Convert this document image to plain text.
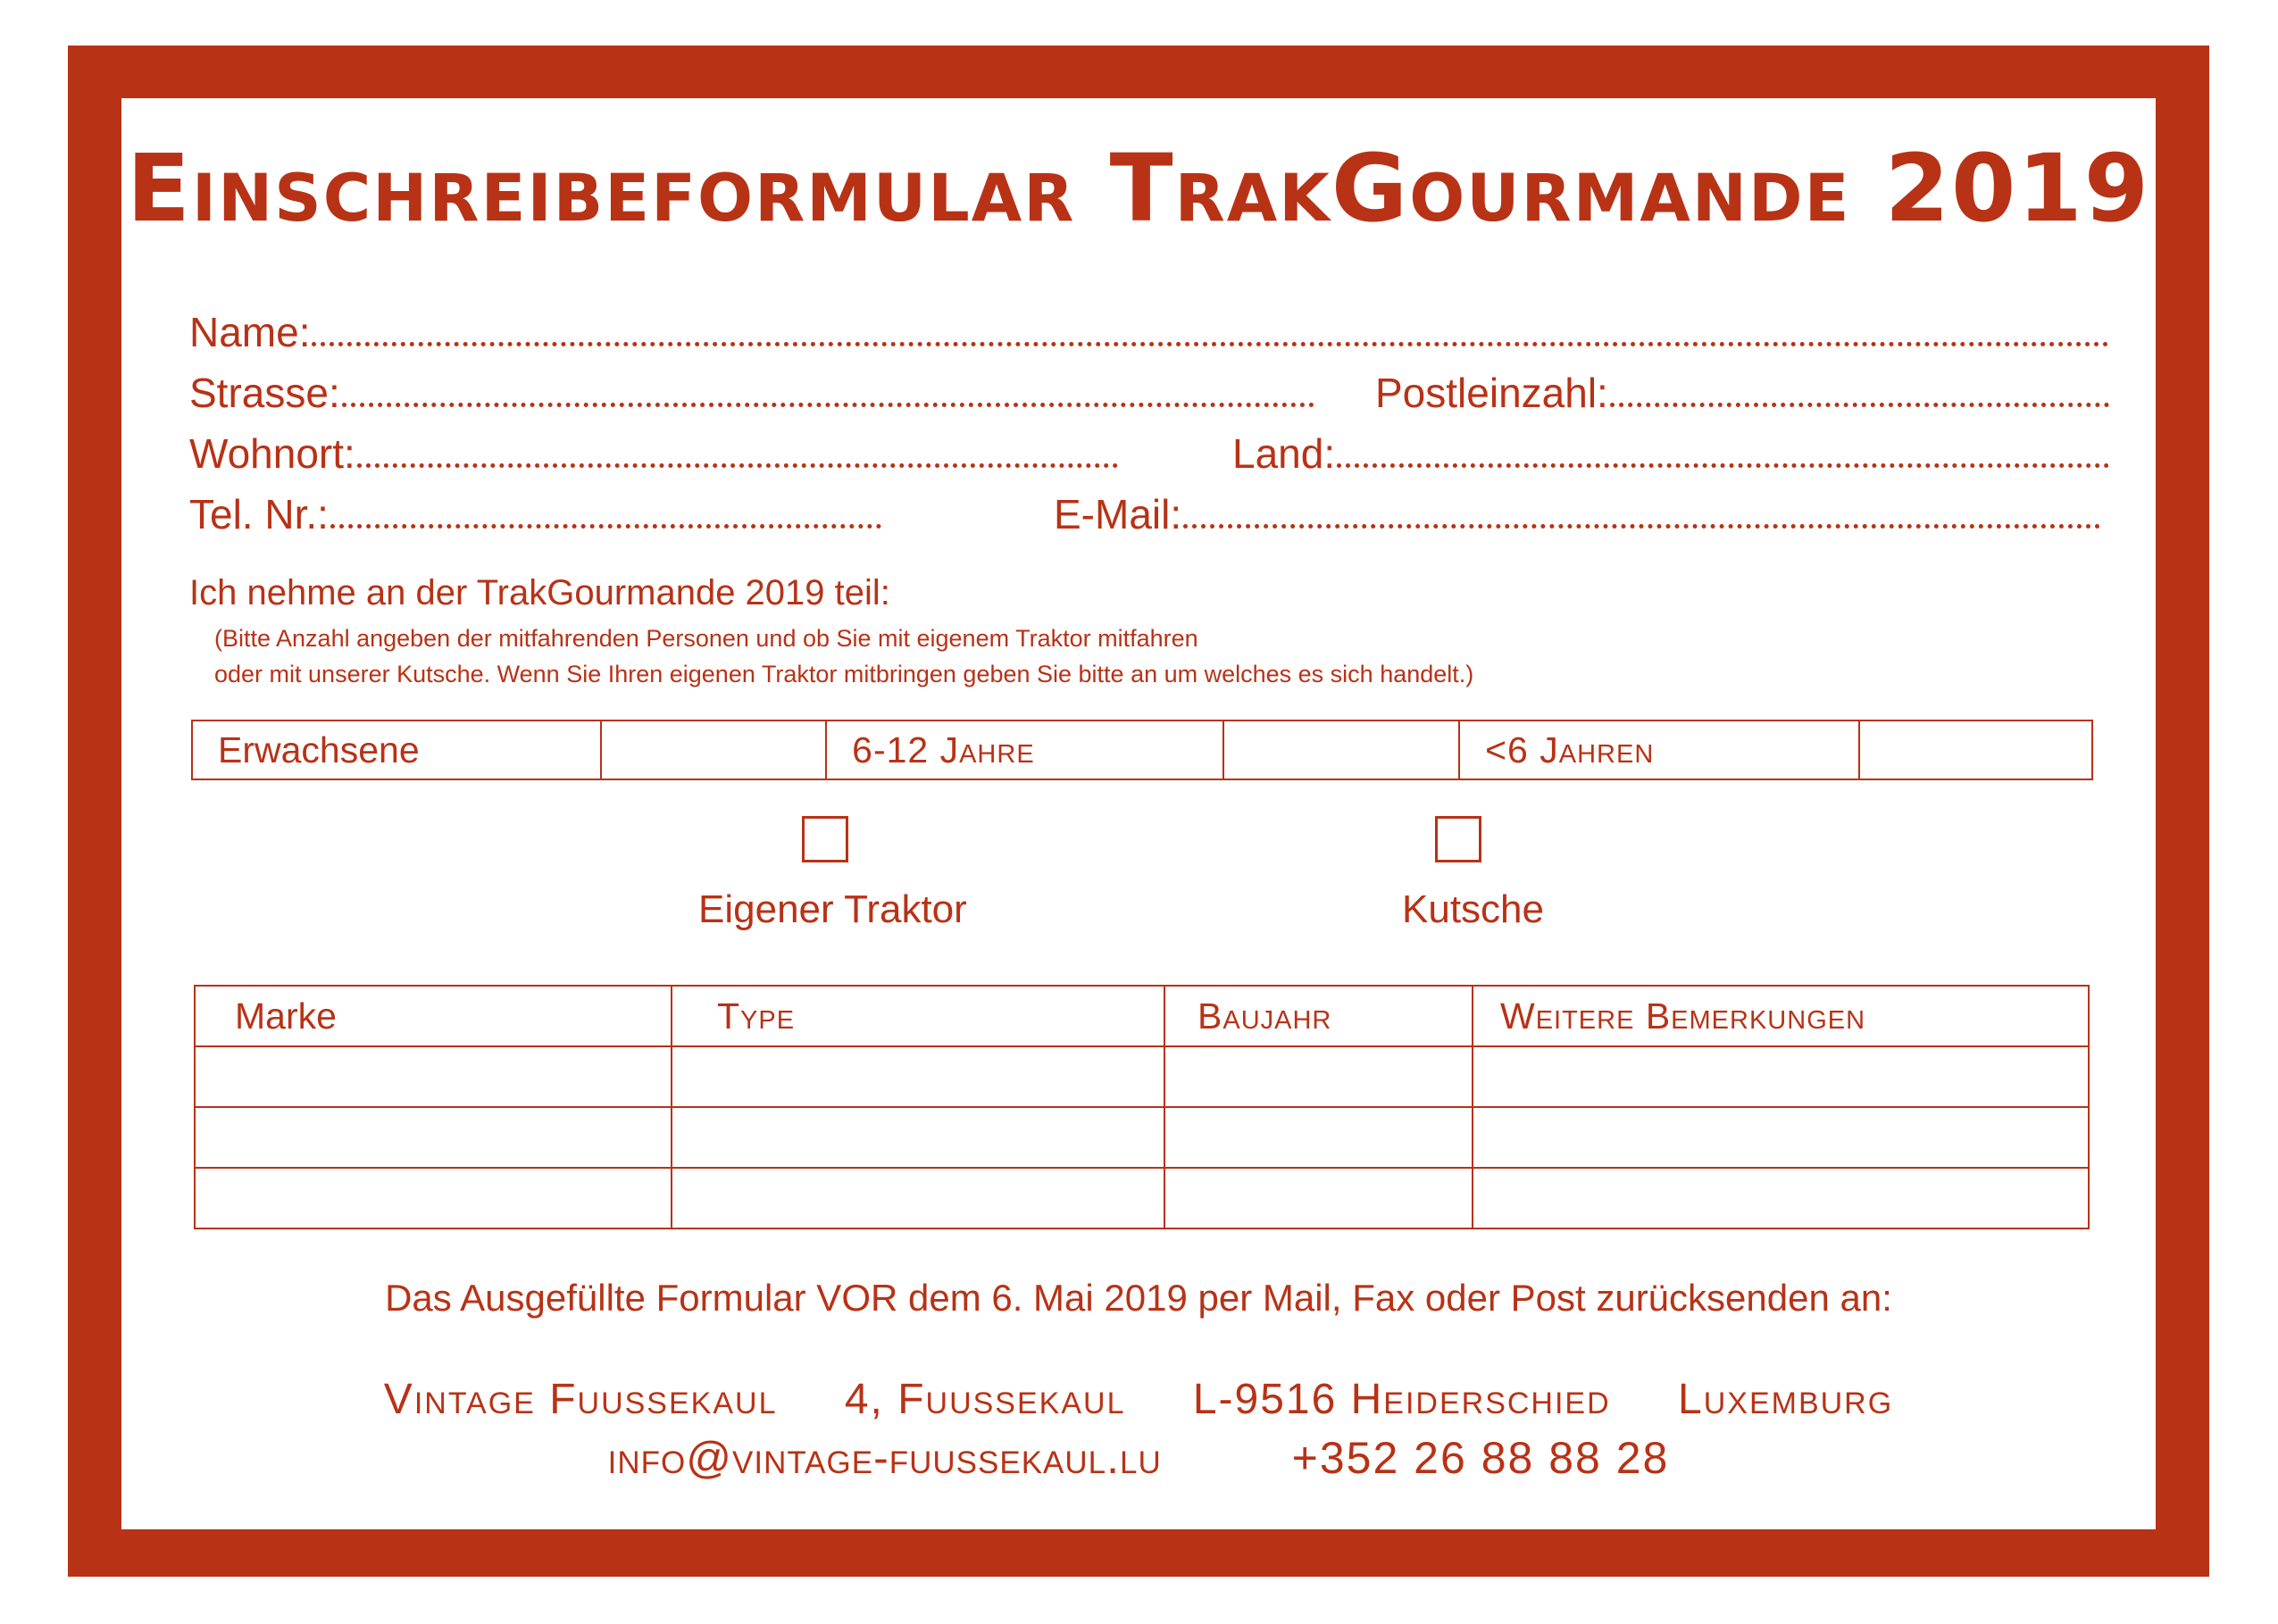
Einschreibeformular TrakGourmande 2019
Name:
Strasse:	Postleinzahl:
Wohnort:	Land:
Tel. Nr.:	E-Mail:
Ich nehme an der TrakGourmande 2019 teil:
(Bitte Anzahl angeben der mitfahrenden Personen und ob Sie mit eigenem Traktor mitfahren
oder mit unserer Kutsche. Wenn Sie Ihren eigenen Traktor mitbringen geben Sie bitte an um welches es sich handelt.)
Erwachsene		6-12 Jahre		<6 Jahren	
Eigener Traktor	Kutsche
Marke	Type	Baujahr	Weitere Bemerkungen

Das Ausgefüllte Formular VOR dem 6. Mai 2019 per Mail, Fax oder Post zurücksenden an:
Vintage Fuussekaul 4, Fuussekaul L-9516 Heiderschied Luxemburg
info@vintage-fuussekaul.lu	+352 26 88 88 28
